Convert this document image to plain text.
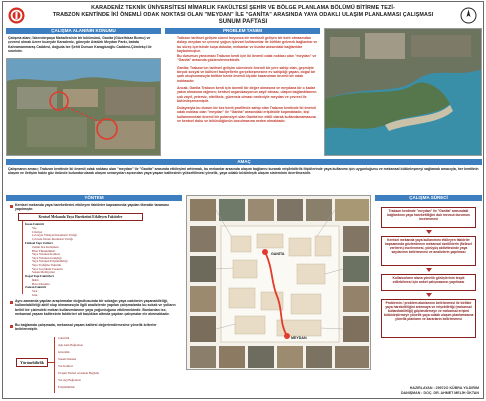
KARADENİZ TEKNİK ÜNİVERSİTESİ MİMARLIK FAKÜLTESİ ŞEHİR VE BÖLGE PLANLAMA BÖLÜMÜ BİTİRME TEZİ-
TRABZON KENTİNDE İKİ ÖNEMLİ ODAK NOKTASI OLAN "MEYDAN" İLE "GANİTA" ARASINDA YAYA ODAKLI ULAŞIM PLANLAMASI ÇALIŞMASI
SUNUM PAFTASI
ÇALIŞMA ALANININ KONUMU
Çalışma alanı; İskenderpaşa Mahallesinin bir bölümünü, Ganita (Güzelhisar Burnu) ve çevresi olmak üzere kuzeyde Karadeniz, güneyde Atatürk Meydan Parkı, batıda Kahramanmaraş Caddesi, doğuda ise Şehit Dursun Karagözoğlu Caddesi-Çömlekçi ile sınırlıdır.
PROBLEM TANIMI
Trabzon tarihsel gelişim süreci boyunca bir merkezli gelişen bir kent olmasından dolayı meydan ve çevresi yoğun işlevsel kullanımlar ile birlikte gelenek bağlantısı ve bu süreç içerisinde kuşa dokular, mekanlar ve bunlar arasındaki bağlantılar kaybolmuştur.
Bu durumun yansıması Trabzon kenti için iki önemli odak noktası olan "meydan" ve "Ganita" arasında gözlemlenmektedir.
Ganita; Trabzon'un tarihsel gelişim sürecinde önemli bir yere sahip olan, geçmişte birçok sosyal ve kültürel faaliyetlerin gerçekleşmesine ev sahipliği yapan, doğal bir şarlı oluşturmasıyla birlikte kente önemli ölçüde kazandıran önemli bir odak noktasıdır.
Ancak, Ganita Trabzon kenti için önemli bir değer olmasına ve meydana bir o kadar yakın olmasına rağmen; kentsel organizasyonun zayıf olması, ulaşım bağlantılarının çok zayıf, yetersiz, niteliksiz, güvensiz olması nedeniyle meydan ve çevresi ile bütünleşememiştir.
Dolayısıyla bu durum bir kez kenti profilinde sahip olan Trabzon kentinde iki önemli odak noktası olan "meydan" ile "Ganita" arasındaki erişilebilir kopmaktadır, kişi kullanımındaki önemli bir potansiyel olan Ganita'nın etkili olarak kullanılamamasına ve kentsel doku ve bütünlüğünün bozulmasına neden olmaktadır.
AMAÇ
Çalışmanın amacı; Trabzon kentinde iki önemli odak noktası olan "meydan" ile "Ganita" arasında etkileşimi arttırmak, bu mekanlar arasında ulaşım bağlarını kurarak erişilebilirlik ilişkilerinde yaya kullanımı için uygunluğunu ve mekansal bütünleşmeyi sağlamak amacıyla, her kentlinin ulaşım ve iletişim hakkı göz önünde bulundurularak ulaşım senaryoları açısından yaya yaşam kalitesinin yükseltilmesi yönelik, yaya odaklı bütünleşik ulaşım sisteminin önerilmesidir.
YÖNTEM
Kentsel mekanda yaya hareketlerini etkileyen faktörler kapsamında yapılan literatür taraması yapılmıştır.
Kentsel Mekanda Yaya Hareketini Etkileyen Faktörler
İnsan Faktörü
Yaş
Cinsiyet
Çevreyle Yürüyen İnsanların Varlığı
Çevrede Duran İnsanların Varlığı
Fiziksel Yapı Verileri
Zemin Kat Kullanımı
Bina Yükseklikleri
Yaya Yolunun Kalitesi
Yaya Yolunun Genişliği
Yaya Yolunun Erişilebilirliği
Yapı Trafiğine Yakınlık
Yaya Geçidinin Tasarımı
Sokak Mobilyaları
Doğal Yapı Faktörleri
İklim
Hava Durumu
Zaman Faktörü
Saat
Gün
Aynı zamanda yapılan araştırmalar doğrultusunda bir sokağın yaya caddenin yaşanabilirliği, kullanılabilirliği aktif olup olmamasıyla ilgili analizlerde yapılan çalışmalarda bu sokak ve yolların belirli bir çizimdeki mekan kullanımlarının yaya yoğunluğunu etkilemektedir. Bunlardan ise, mekansal yaşam kalitesinin faktörleri alt başlıkları altında yapılan çalışmalar ele alınmaktadır.
Bu bağlamda çalışmada, mekansal yaşam kalitesi değerlendirmesine yönelik kriterler belirlenmiştir.
Yürünebilirlik
Çekicilik
Aşk Alan Bağlantısı
Güvenlik
Sokak Dokusu
Yol Kalitesi
Ulaşım Türleri Arasında Bağlantı
Yol Ağı Bağlantısı
Erişilebilirlik
GANİTA
MEYDAN
ÇALIŞMA SÜRECİ
Trabzon kentinde "meydan" ile "Ganita" arasındaki bağlantının yaya hareketliliğini dair mevcut durumun incelenmesi
Kentsel mekanda yaya kullanımını etkileyen faktörler kapsamında gözlemlenen mekansal özelliklerin (fiziksel verilerin) incelenmesi, yürüyüş aktivitesinde yaya sayılarının belirlenmesi ve analizlerin yapılması
Kullanıcıların alana yönelik görüşlerinin tespit edilebilmesi için anket çalışmasının yapılması
Problemin / problem alanlarının belirlenmesi ile birlikte yaya hareketliliğini artırmaya ve erişebilirliği (mekansal kullanılabilirliği) güçlendirmeye ve mekansal erişimi bütünleştirmeye yönelik yaya odaklı ulaşım planlamasına yönelik planların ve kararların belirlenmesi
HAZIRLAYAN : 29972O KÜBRA YILDIRIM
DANIŞMAN : DOÇ. DR. AHMET MELİH ÖKTAN
